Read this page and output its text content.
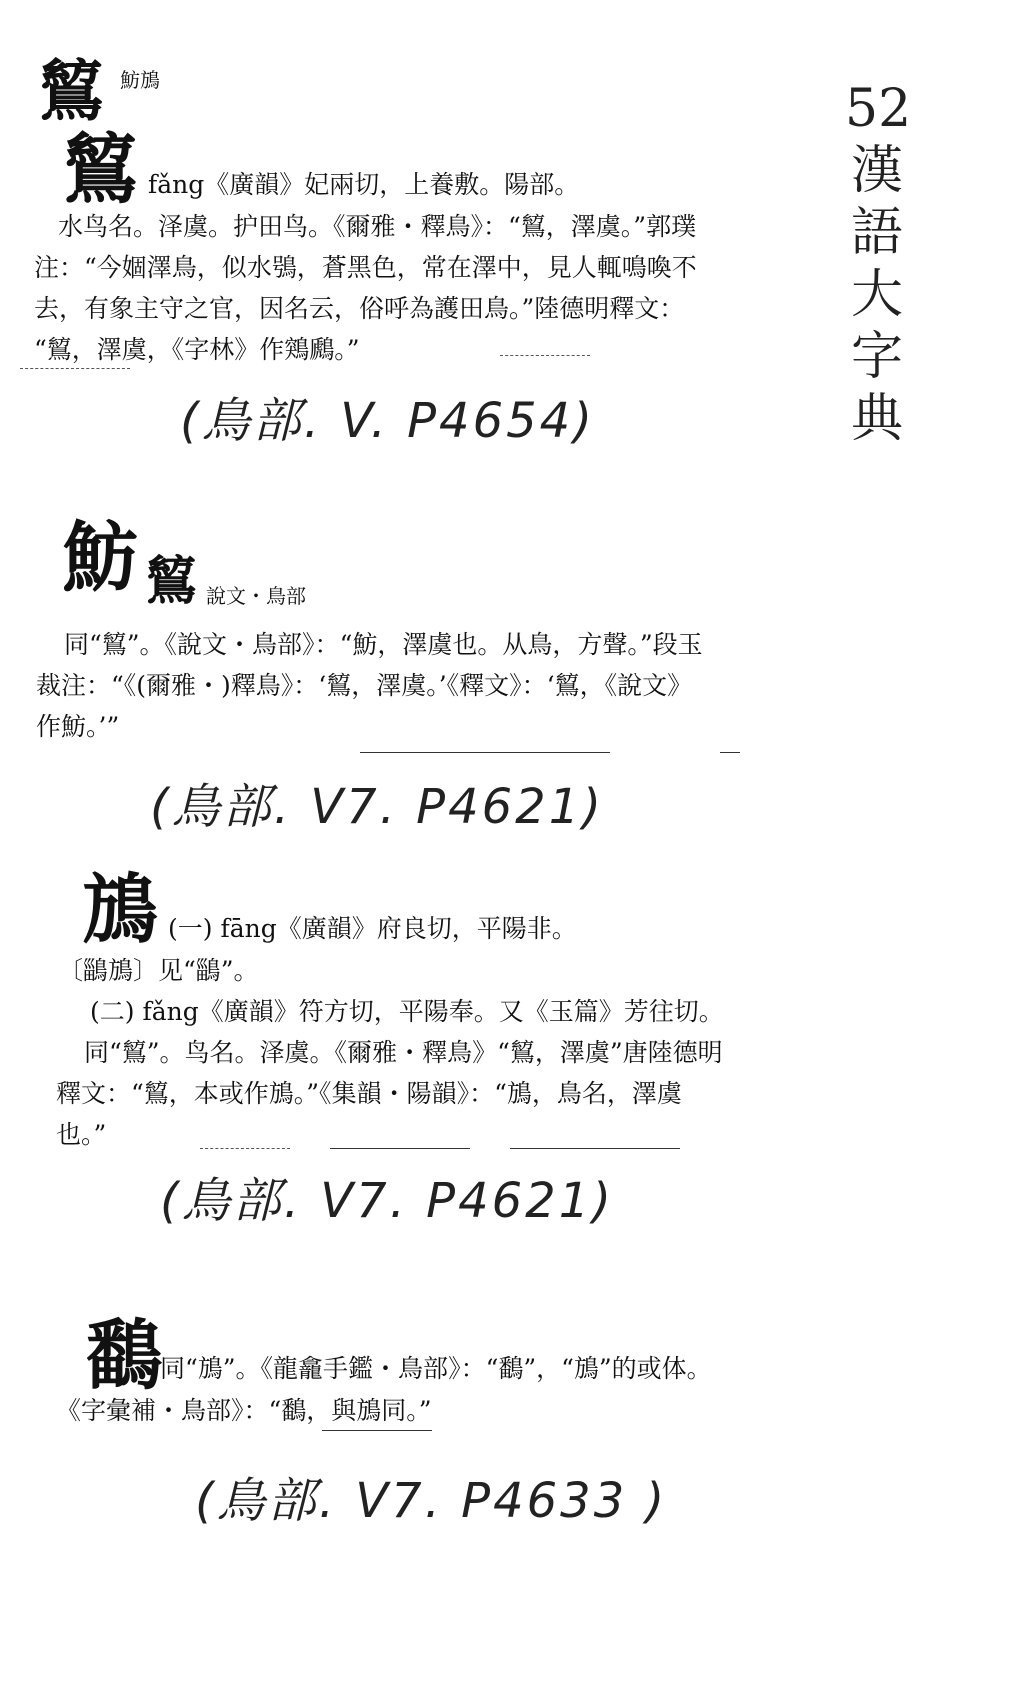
52
漢
語
大
字
典
鶭 魴鴋
鶭 fǎng《廣韻》妃兩切，上養敷。陽部。
水鸟名。泽虞。护田鸟。《爾雅・釋鳥》：“鶭，澤虞。”郭璞
注：“今婟澤鳥，似水鴞，蒼黑色，常在澤中，見人輒鳴喚不
去，有象主守之官，因名云，俗呼為護田鳥。”陸德明釋文：
“鶭，澤虞，《字林》作鶟鷉。”
(鳥部. V. P4654)
魴 鶭 說文・鳥部
同“鶭”。《說文・鳥部》：“魴，澤虞也。从鳥，方聲。”段玉
裁注：“《(爾雅・)釋鳥》：‘鶭，澤虞。’《釋文》：‘鶭，《說文》
作魴。’”
(鳥部. V7. P4621)
鴋 (一) fāng《廣韻》府良切，平陽非。
〔鶅鴋〕见“鶅”。
(二) fǎng《廣韻》符方切，平陽奉。又《玉篇》芳往切。
同“鶭”。鸟名。泽虞。《爾雅・釋鳥》“鶭，澤虞”唐陸德明
釋文：“鶭，本或作鴋。”《集韻・陽韻》：“鴋，鳥名，澤虞
也。”
(鳥部. V7. P4621)
鷭
同“鴋”。《龍龕手鑑・鳥部》：“鷭”，“鴋”的或体。
《字彙補・鳥部》：“鷭，與鴋同。”
(鳥部. V7. P4633 )
